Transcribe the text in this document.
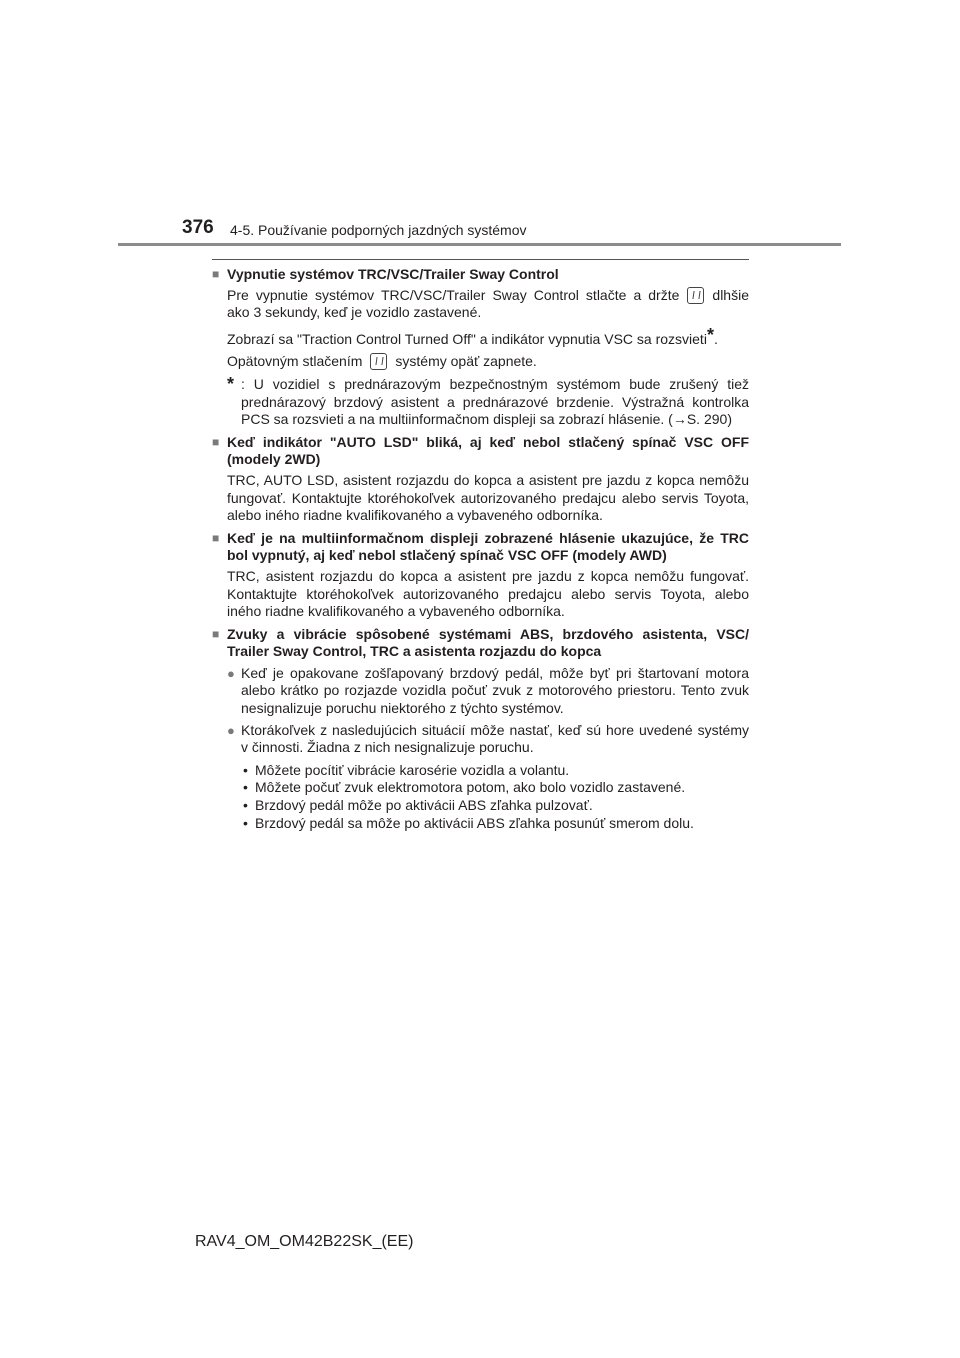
376 4-5. Používanie podporných jazdných systémov
■ Vypnutie systémov TRC/VSC/Trailer Sway Control
Pre vypnutie systémov TRC/VSC/Trailer Sway Control stlačte a držte dlhšie ako 3 sekundy, keď je vozidlo zastavené.
Zobrazí sa "Traction Control Turned Off" a indikátor vypnutia VSC sa rozsvieti*.
Opätovným stlačením systémy opäť zapnete.
* : U vozidiel s prednárazovým bezpečnostným systémom bude zrušený tiež prednárazový brzdový asistent a prednárazové brzdenie. Výstražná kontrolka PCS sa rozsvieti a na multiinformačnom displeji sa zobrazí hlásenie. (→S. 290)
■ Keď indikátor "AUTO LSD" bliká, aj keď nebol stlačený spínač VSC OFF (modely 2WD)
TRC, AUTO LSD, asistent rozjazdu do kopca a asistent pre jazdu z kopca nemôžu fungovať. Kontaktujte ktoréhokoľvek autorizovaného predajcu alebo servis Toyota, alebo iného riadne kvalifikovaného a vybaveného odborníka.
■ Keď je na multiinformačnom displeji zobrazené hlásenie ukazujúce, že TRC bol vypnutý, aj keď nebol stlačený spínač VSC OFF (modely AWD)
TRC, asistent rozjazdu do kopca a asistent pre jazdu z kopca nemôžu fungovať. Kontaktujte ktoréhokoľvek autorizovaného predajcu alebo servis Toyota, alebo iného riadne kvalifikovaného a vybaveného odborníka.
■ Zvuky a vibrácie spôsobené systémami ABS, brzdového asistenta, VSC/ Trailer Sway Control, TRC a asistenta rozjazdu do kopca
● Keď je opakovane zošľapovaný brzdový pedál, môže byť pri štartovaní motora alebo krátko po rozjazde vozidla počuť zvuk z motorového priestoru. Tento zvuk nesignalizuje poruchu niektorého z týchto systémov.
● Ktorákoľvek z nasledujúcich situácií môže nastať, keď sú hore uvedené systémy v činnosti. Žiadna z nich nesignalizuje poruchu.
• Môžete pocítiť vibrácie karosérie vozidla a volantu.
• Môžete počuť zvuk elektromotora potom, ako bolo vozidlo zastavené.
• Brzdový pedál môže po aktivácii ABS zľahka pulzovať.
• Brzdový pedál sa môže po aktivácii ABS zľahka posunúť smerom dolu.
RAV4_OM_OM42B22SK_(EE)
